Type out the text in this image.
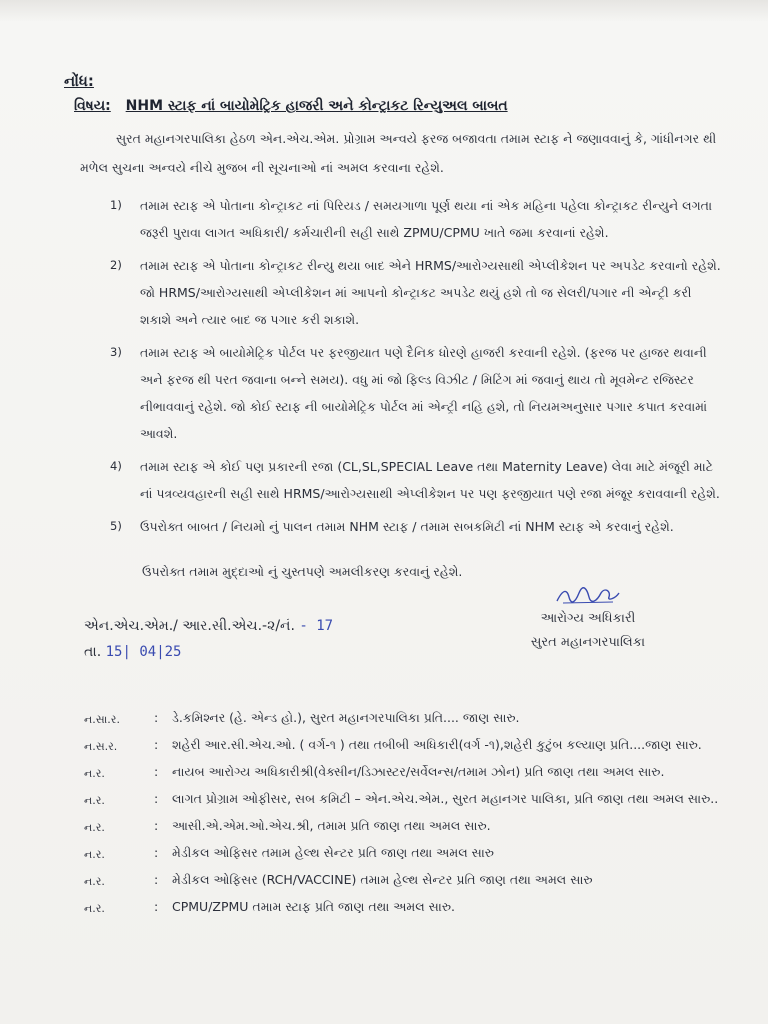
નોંધ:
વિષય: NHM સ્ટાફ નાં બાયોમેટ્રિક હાજરી અને કોન્ટ્રાકટ રિન્યુઅલ બાબત
સુરત મહાનગરપાલિકા હેઠળ એન.એચ.એમ. પ્રોગ્રામ અન્વયે ફરજ બજાવતા તમામ સ્ટાફ ને જણાવવાનું કે, ગાંધીનગર થી મળેલ સુચના અન્વયે નીચે મુજબ ની સૂચનાઓ નાં અમલ કરવાના રહેશે.
1)	તમામ સ્ટાફ એ પોતાના કોન્ટ્રાકટ નાં પિરિયડ / સમયગાળા પૂર્ણ થયા નાં એક મહિના પહેલા કોન્ટ્રાકટ રીન્યુને લગતા જરૂરી પુરાવા લાગત અધિકારી/ કર્મચારીની સહી સાથે ZPMU/CPMU ખાતે જમા કરવાનાં રહેશે.
2)	તમામ સ્ટાફ એ પોતાના કોન્ટ્રાકટ રીન્યુ થયા બાદ એને HRMS/આરોગ્યસાથી એપ્લીકેશન પર અપડેટ કરવાનો રહેશે. જો HRMS/આરોગ્યસાથી એપ્લીકેશન માં આપનો કોન્ટ્રાકટ અપડેટ થયું હશે તો જ સેલરી/પગાર ની એન્ટ્રી કરી શકાશે અને ત્યાર બાદ જ પગાર કરી શકાશે.
3)	તમામ સ્ટાફ એ બાયોમેટ્રિક પોર્ટલ પર ફરજીયાત પણે દૈનિક ધોરણે હાજરી કરવાની રહેશે. (ફરજ પર હાજર થવાની અને ફરજ થી પરત જવાના બન્ને સમય). વધુ માં જો ફિલ્ડ વિઝીટ / મિટિંગ માં જવાનું થાય તો મૂવમેન્ટ રજિસ્ટર નીભાવવાનું રહેશે. જો કોઈ સ્ટાફ ની બાયોમેટ્રિક પોર્ટલ માં એન્ટ્રી નહિ હશે, તો નિયમઅનુસાર પગાર કપાત કરવામાં આવશે.
4)	તમામ સ્ટાફ એ કોઈ પણ પ્રકારની રજા (CL,SL,SPECIAL Leave તથા Maternity Leave) લેવા માટે મંજૂરી માટે નાં પત્રવ્યવહારની સહી સાથે HRMS/આરોગ્યસાથી એપ્લીકેશન પર પણ ફરજીયાત પણે રજા મંજૂર કરાવવાની રહેશે.
5)	ઉપરોક્ત બાબત / નિયમો નું પાલન તમામ NHM સ્ટાફ / તમામ સબકમિટી નાં NHM સ્ટાફ એ કરવાનું રહેશે.
ઉપરોક્ત તમામ મુદ્દાઓ નું ચુસ્તપણે અમલીકરણ કરવાનું રહેશે.
એન.એચ.એમ./ આર.સી.એચ.-૨/નં. - 17
તા. 15| 04|25
આરોગ્ય અધિકારી
સુરત મહાનગરપાલિકા
ન.સા.ર.	:	ડે.કમિશ્નર (હે. એન્ડ હો.), સુરત મહાનગરપાલિકા પ્રતિ.... જાણ સારુ.
ન.સ.ર.	:	શહેરી આર.સી.એચ.ઓ. ( વર્ગ-૧ ) તથા તબીબી અધિકારી(વર્ગ -૧),શહેરી કુટુંબ કલ્યાણ પ્રતિ....જાણ સારુ.
ન.ર.	:	નાયબ આરોગ્ય અધિકારીશ્રી(વેક્સીન/ડિઝાસ્ટર/સર્વેલન્સ/તમામ ઝોન) પ્રતિ જાણ તથા અમલ સારુ.
ન.ર.	:	લાગત પ્રોગ્રામ ઓફીસર, સબ કમિટી – એન.એચ.એમ., સુરત મહાનગર પાલિકા, પ્રતિ જાણ તથા અમલ સારુ..
ન.ર.	:	આસી.એ.એમ.ઓ.એચ.શ્રી, તમામ પ્રતિ જાણ તથા અમલ સારુ.
ન.ર.	:	મેડીકલ ઓફિસર તમામ હેલ્થ સેન્ટર પ્રતિ જાણ તથા અમલ સારુ
ન.ર.	:	મેડીકલ ઓફિસર (RCH/VACCINE) તમામ હેલ્થ સેન્ટર પ્રતિ જાણ તથા અમલ સારુ
ન.ર.	:	CPMU/ZPMU તમામ સ્ટાફ પ્રતિ જાણ તથા અમલ સારુ.
